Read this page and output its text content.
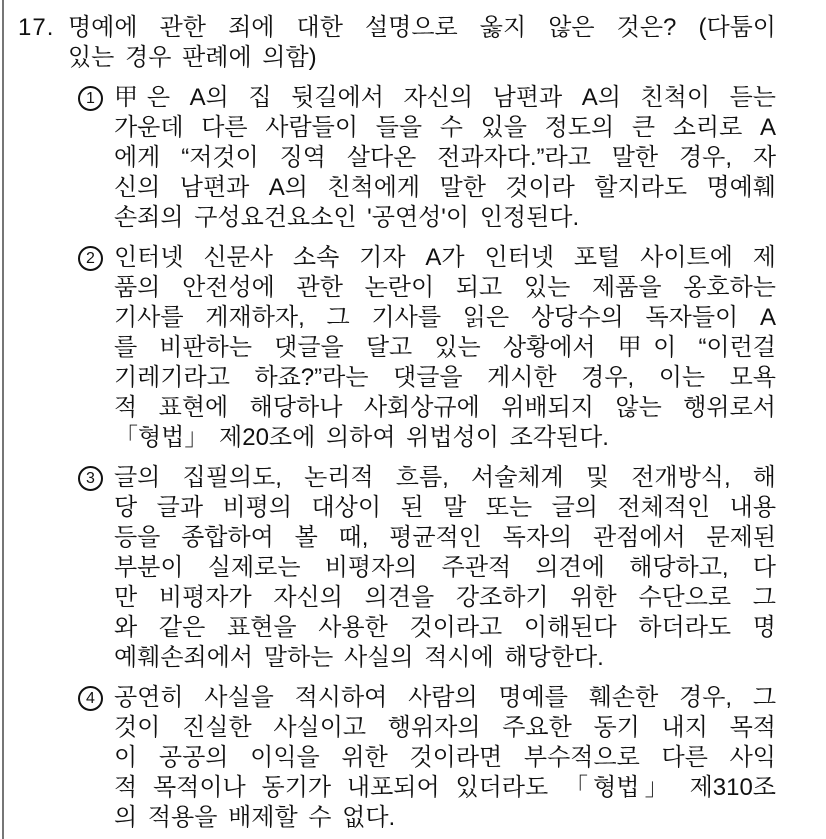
17. 명예에 관한 죄에 대한 설명으로 옳지 않은 것은? (다툼이
있는 경우 판례에 의함)
1 甲은 A의 집 뒷길에서 자신의 남편과 A의 친척이 듣는
가운데 다른 사람들이 들을 수 있을 정도의 큰 소리로 A
에게 “저것이 징역 살다온 전과자다.”라고 말한 경우, 자
신의 남편과 A의 친척에게 말한 것이라 할지라도 명예훼
손죄의 구성요건요소인 '공연성'이 인정된다.
2 인터넷 신문사 소속 기자 A가 인터넷 포털 사이트에 제
품의 안전성에 관한 논란이 되고 있는 제품을 옹호하는
기사를 게재하자, 그 기사를 읽은 상당수의 독자들이 A
를 비판하는 댓글을 달고 있는 상황에서 甲이 “이런걸
기레기라고 하죠?”라는 댓글을 게시한 경우, 이는 모욕
적 표현에 해당하나 사회상규에 위배되지 않는 행위로서
「형법」 제20조에 의하여 위법성이 조각된다.
3 글의 집필의도, 논리적 흐름, 서술체계 및 전개방식, 해
당 글과 비평의 대상이 된 말 또는 글의 전체적인 내용
등을 종합하여 볼 때, 평균적인 독자의 관점에서 문제된
부분이 실제로는 비평자의 주관적 의견에 해당하고, 다
만 비평자가 자신의 의견을 강조하기 위한 수단으로 그
와 같은 표현을 사용한 것이라고 이해된다 하더라도 명
예훼손죄에서 말하는 사실의 적시에 해당한다.
4 공연히 사실을 적시하여 사람의 명예를 훼손한 경우, 그
것이 진실한 사실이고 행위자의 주요한 동기 내지 목적
이 공공의 이익을 위한 것이라면 부수적으로 다른 사익
적 목적이나 동기가 내포되어 있더라도 「형법」 제310조
의 적용을 배제할 수 없다.
